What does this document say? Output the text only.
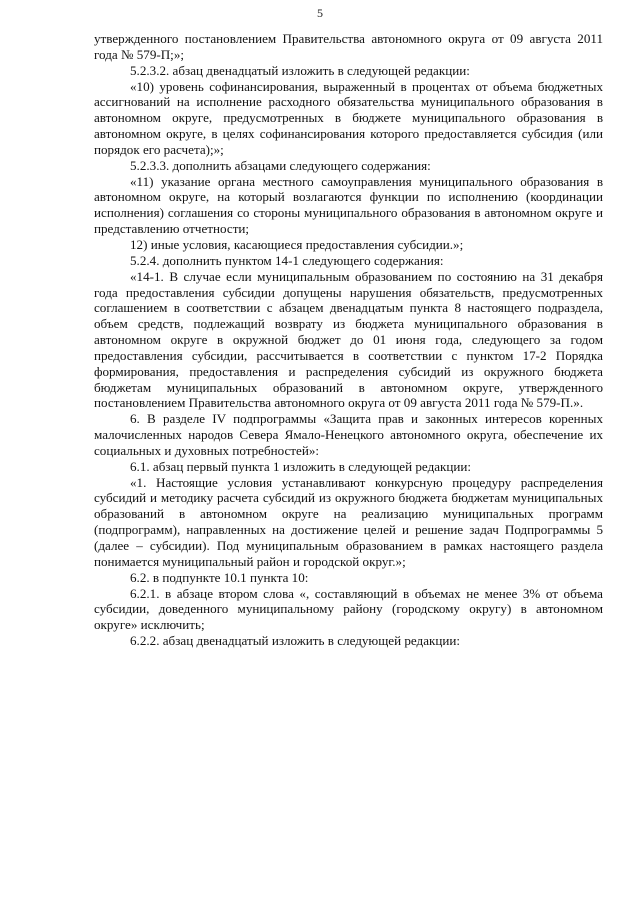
5

утвержденного постановлением Правительства автономного округа от 09 августа 2011 года № 579-П;»;

5.2.3.2. абзац двенадцатый изложить в следующей редакции:

«10) уровень софинансирования, выраженный в процентах от объема бюджетных ассигнований на исполнение расходного обязательства муниципального образования в автономном округе, предусмотренных в бюджете муниципального образования в автономном округе, в целях софинансирования которого предоставляется субсидия (или порядок его расчета);»;

5.2.3.3. дополнить абзацами следующего содержания:

«11) указание органа местного самоуправления муниципального образования в автономном округе, на который возлагаются функции по исполнению (координации исполнения) соглашения со стороны муниципального образования в автономном округе и представлению отчетности;

12) иные условия, касающиеся предоставления субсидии.»;

5.2.4. дополнить пунктом 14-1 следующего содержания:

«14-1. В случае если муниципальным образованием по состоянию на 31 декабря года предоставления субсидии допущены нарушения обязательств, предусмотренных соглашением в соответствии с абзацем двенадцатым пункта 8 настоящего подраздела, объем средств, подлежащий возврату из бюджета муниципального образования в автономном округе в окружной бюджет до 01 июня года, следующего за годом предоставления субсидии, рассчитывается в соответствии с пунктом 17-2 Порядка формирования, предоставления и распределения субсидий из окружного бюджета бюджетам муниципальных образований в автономном округе, утвержденного постановлением Правительства автономного округа от 09 августа 2011 года № 579-П.».

6. В разделе IV подпрограммы «Защита прав и законных интересов коренных малочисленных народов Севера Ямало-Ненецкого автономного округа, обеспечение их социальных и духовных потребностей»:

6.1. абзац первый пункта 1 изложить в следующей редакции:

«1. Настоящие условия устанавливают конкурсную процедуру распределения субсидий и методику расчета субсидий из окружного бюджета бюджетам муниципальных образований в автономном округе на реализацию муниципальных программ (подпрограмм), направленных на достижение целей и решение задач Подпрограммы 5 (далее – субсидии). Под муниципальным образованием в рамках настоящего раздела понимается муниципальный район и городской округ.»;

6.2. в подпункте 10.1 пункта 10:

6.2.1. в абзаце втором слова «, составляющий в объемах не менее 3% от объема субсидии, доведенного муниципальному району (городскому округу) в автономном округе» исключить;

6.2.2. абзац двенадцатый изложить в следующей редакции:
